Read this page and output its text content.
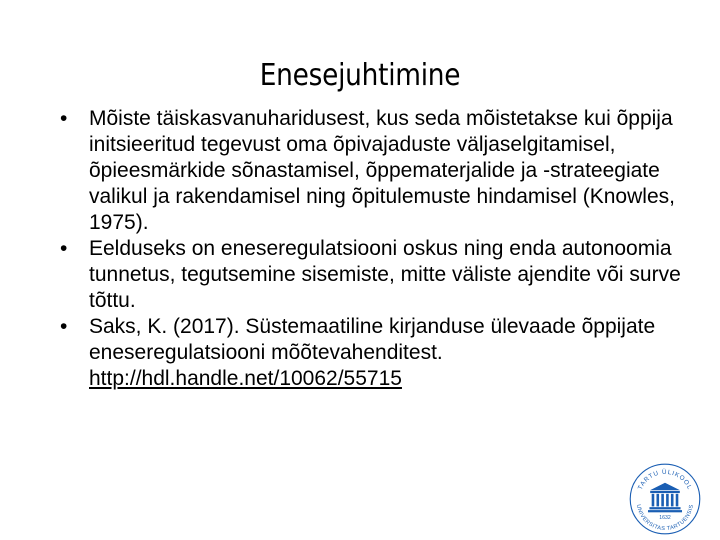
Enesejuhtimine
• Mõiste täiskasvanuharidusest, kus seda mõistetakse kui õppija initsieeritud tegevust oma õpivajaduste väljaselgitamisel, õpieesmärkide sõnastamisel, õppematerjalide ja -strateegiate valikul ja rakendamisel ning õpitulemuste hindamisel (Knowles, 1975).
• Eelduseks on eneseregulatsiooni oskus ning enda autonoomia tunnetus, tegutsemine sisemiste, mitte väliste ajendite või surve tõttu.
• Saks, K. (2017). Süstemaatiline kirjanduse ülevaade õppijate eneseregulatsiooni mõõtevahenditest. http://hdl.handle.net/10062/55715
TARTU ÜLIKOOL
UNIVERSITAS TARTUENSIS
1632
